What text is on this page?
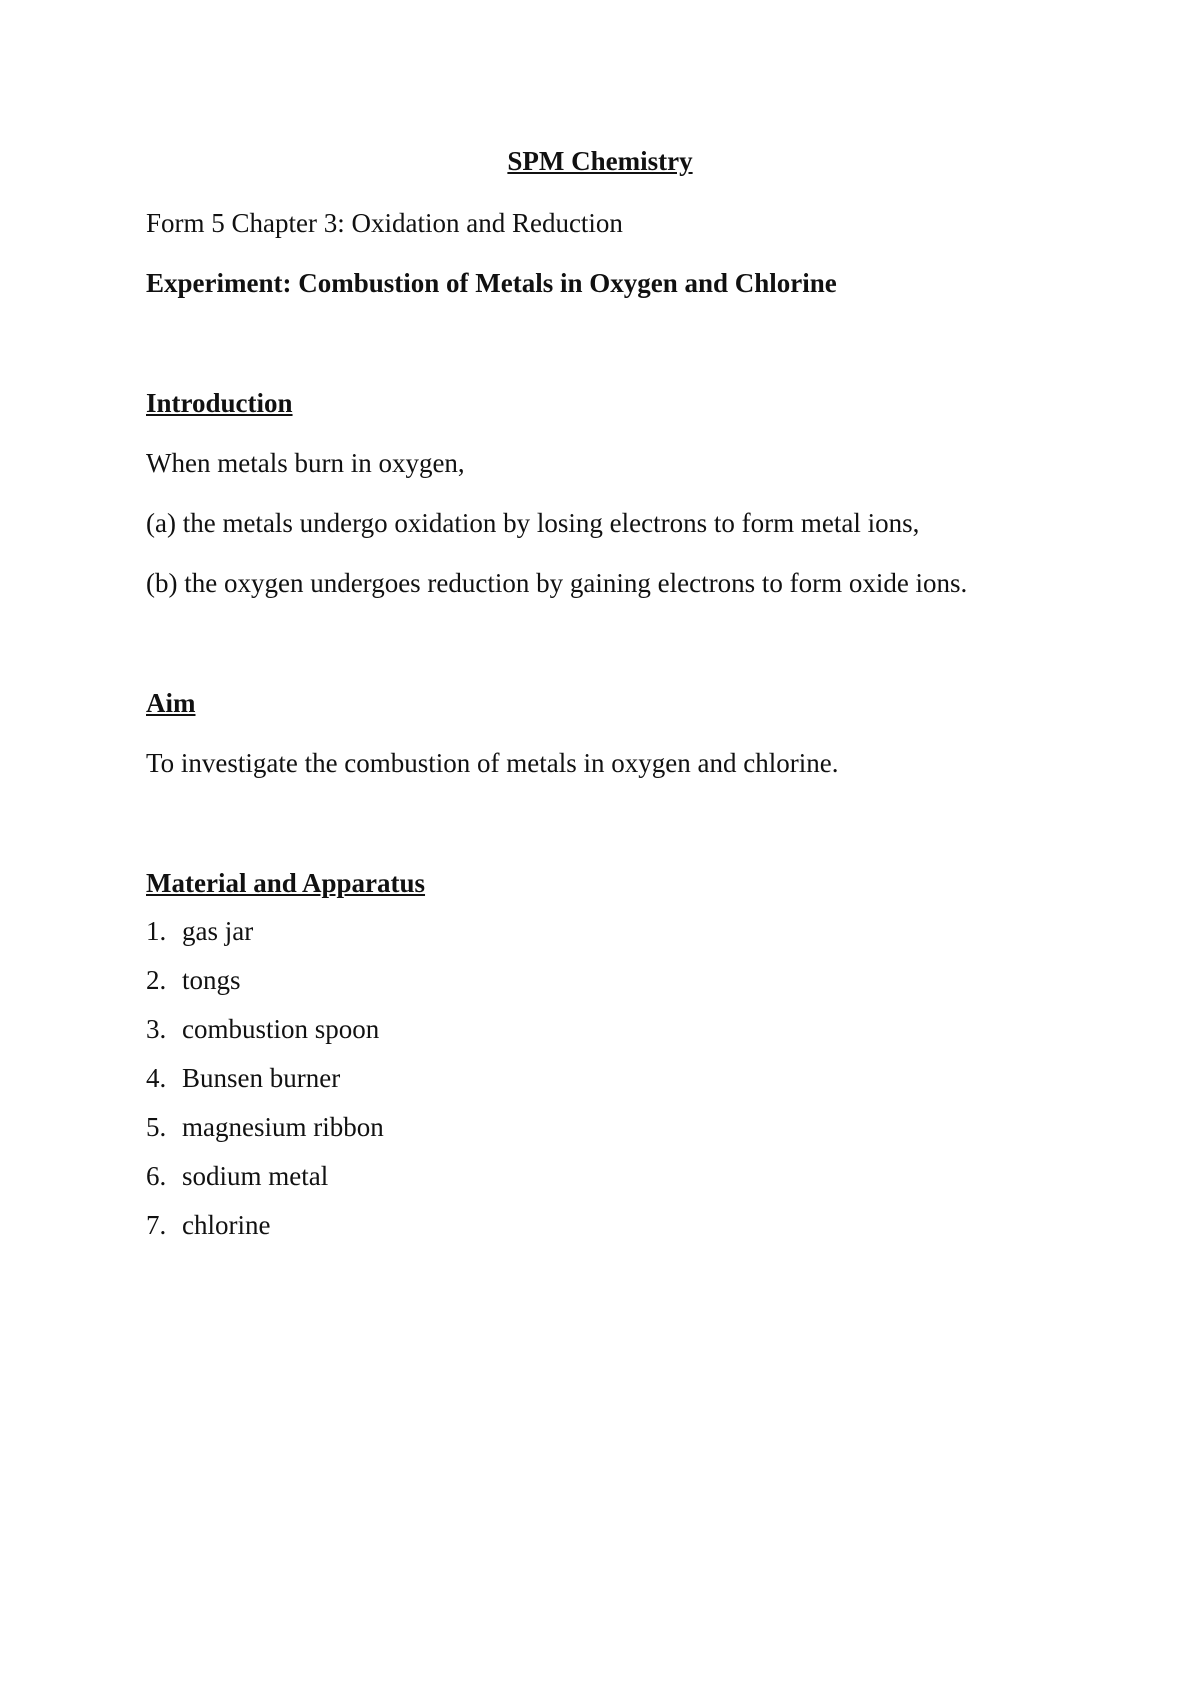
SPM Chemistry
Form 5 Chapter 3: Oxidation and Reduction
Experiment: Combustion of Metals in Oxygen and Chlorine
Introduction
When metals burn in oxygen,
(a) the metals undergo oxidation by losing electrons to form metal ions,
(b) the oxygen undergoes reduction by gaining electrons to form oxide ions.
Aim
To investigate the combustion of metals in oxygen and chlorine.
Material and Apparatus
1. gas jar
2. tongs
3. combustion spoon
4. Bunsen burner
5. magnesium ribbon
6. sodium metal
7. chlorine
